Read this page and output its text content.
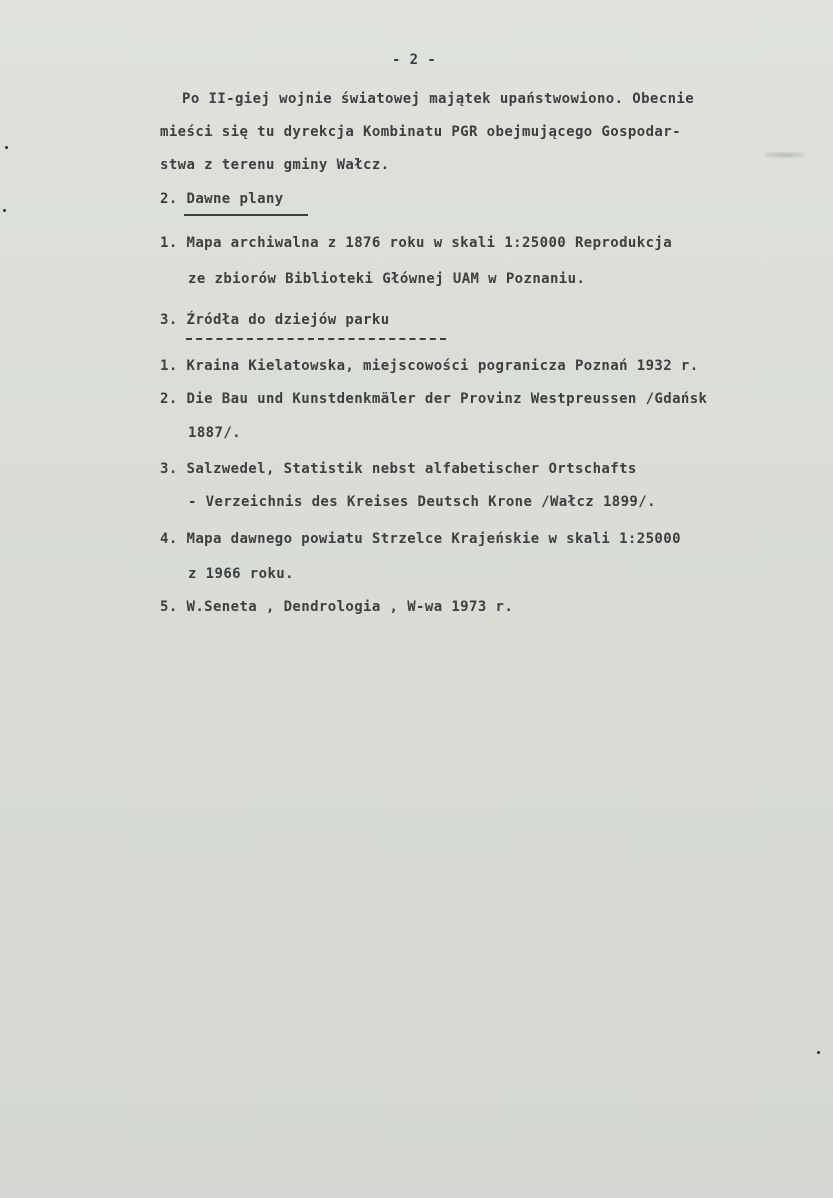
- 2 -
Po II-giej wojnie światowej majątek upaństwowiono. Obecnie
mieści się tu dyrekcja Kombinatu PGR obejmującego Gospodar-
stwa z terenu gminy Wałcz.
2. Dawne plany
1. Mapa archiwalna z 1876 roku w skali 1:25000 Reprodukcja
ze zbiorów Biblioteki Głównej UAM w Poznaniu.
3. Źródła do dziejów parku
1. Kraina Kielatowska, miejscowości pogranicza Poznań 1932 r.
2. Die Bau und Kunstdenkmäler der Provinz Westpreussen /Gdańsk
1887/.
3. Salzwedel, Statistik nebst alfabetischer Ortschafts
- Verzeichnis des Kreises Deutsch Krone /Wałcz 1899/.
4. Mapa dawnego powiatu Strzelce Krajeńskie w skali 1:25000
z 1966 roku.
5. W.Seneta , Dendrologia , W-wa 1973 r.
